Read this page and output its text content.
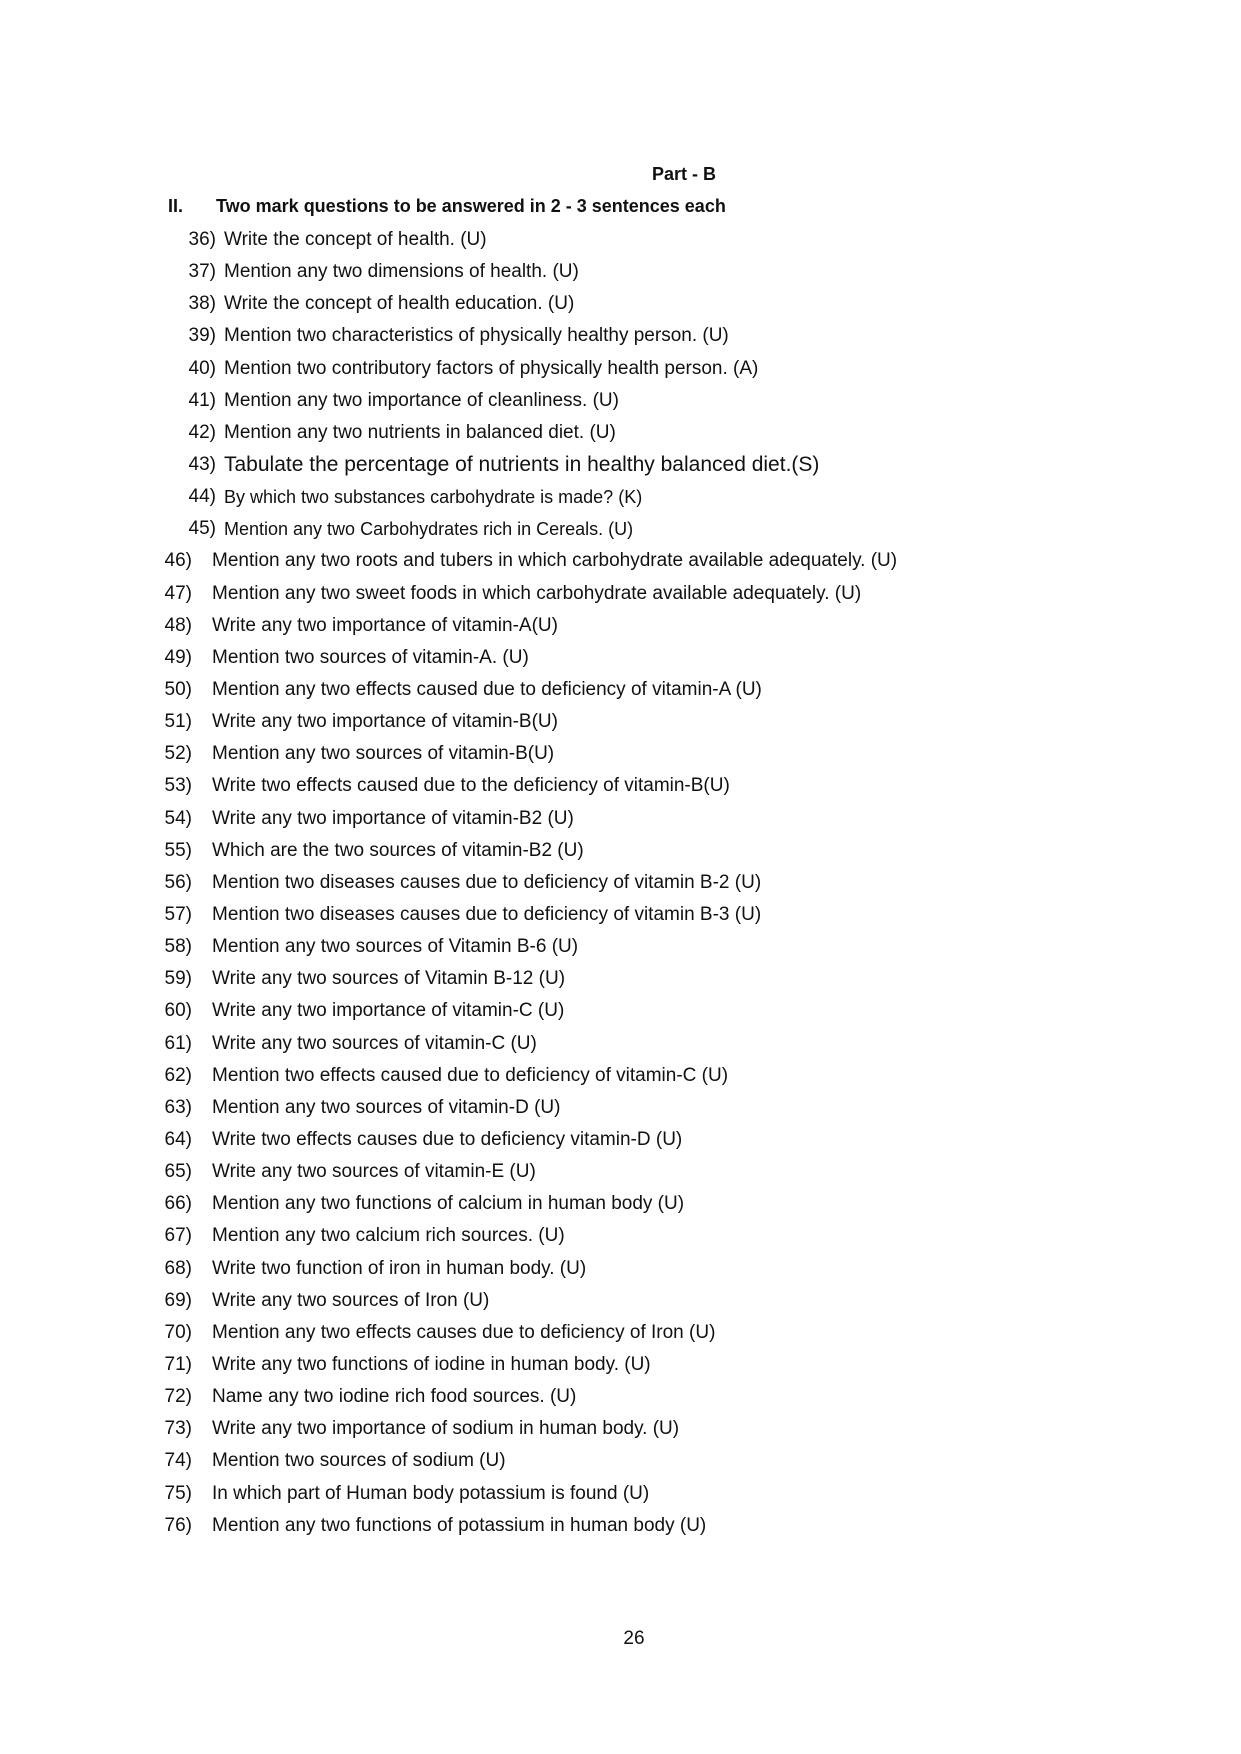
Part - B
II. Two mark questions to be answered in 2 - 3 sentences each
36) Write the concept of health. (U)
37) Mention any two dimensions of health. (U)
38) Write the concept of health education. (U)
39) Mention two characteristics of physically healthy person. (U)
40) Mention two contributory factors of physically health person. (A)
41) Mention any two importance of cleanliness. (U)
42) Mention any two nutrients in balanced diet. (U)
43) Tabulate the percentage of nutrients in healthy balanced diet.(S)
44) By which two substances carbohydrate is made? (K)
45) Mention any two Carbohydrates rich in Cereals. (U)
46)	Mention any two roots and tubers in which carbohydrate available adequately. (U)
47)	Mention any two sweet foods in which carbohydrate available adequately. (U)
48)	Write any two importance of vitamin-A(U)
49)	Mention two sources of vitamin-A. (U)
50)	Mention any two effects caused due to deficiency of vitamin-A (U)
51)	Write any two importance of vitamin-B(U)
52)	Mention any two sources of vitamin-B(U)
53)	Write two effects caused due to the deficiency of vitamin-B(U)
54)	Write any two importance of vitamin-B2 (U)
55)	Which are the two sources of vitamin-B2 (U)
56)	Mention two diseases causes due to deficiency of vitamin B-2 (U)
57)	Mention two diseases causes due to deficiency of vitamin B-3 (U)
58)	Mention any two sources of Vitamin B-6 (U)
59)	Write any two sources of Vitamin B-12 (U)
60)	Write any two importance of vitamin-C (U)
61)	Write any two sources of vitamin-C (U)
62)	Mention two effects caused due to deficiency of vitamin-C (U)
63)	Mention any two sources of vitamin-D (U)
64)	Write two effects causes due to deficiency vitamin-D (U)
65)	Write any two sources of vitamin-E (U)
66)	Mention any two functions of calcium in human body (U)
67)	Mention any two calcium rich sources. (U)
68)	Write two function of iron in human body. (U)
69)	Write any two sources of Iron (U)
70)	Mention any two effects causes due to deficiency of Iron (U)
71)	Write any two functions of iodine in human body. (U)
72)	Name any two iodine rich food sources. (U)
73)	Write any two importance of sodium in human body. (U)
74)	Mention two sources of sodium (U)
75)	In which part of Human body potassium is found (U)
76)	Mention any two functions of potassium in human body (U)
26
